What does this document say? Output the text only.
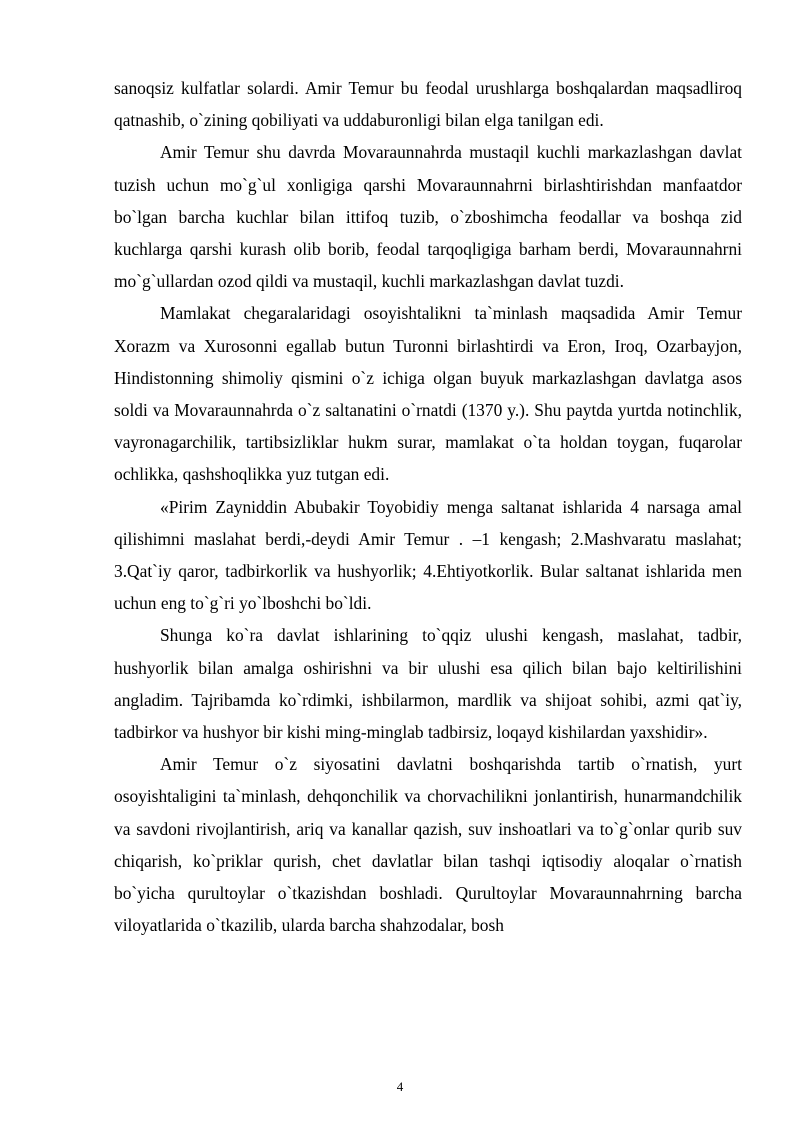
sanoqsiz kulfatlar solardi. Amir Temur bu feodal urushlarga boshqalardan maqsadliroq qatnashib, o`zining qobiliyati va uddaburonligi bilan elga tanilgan edi.

Amir Temur shu davrda Movaraunnahrda mustaqil kuchli markazlashgan davlat tuzish uchun mo`g`ul xonligiga qarshi Movaraunnahrni birlashtirishdan manfaatdor bo`lgan barcha kuchlar bilan ittifoq tuzib, o`zboshimcha feodallar va boshqa zid kuchlarga qarshi kurash olib borib, feodal tarqoqligiga barham berdi, Movaraunnahrni mo`g`ullardan ozod qildi va mustaqil, kuchli markazlashgan davlat tuzdi.

Mamlakat chegaralaridagi osoyishtalikni ta`minlash maqsadida Amir Temur Xorazm va Xurosonni egallab butun Turonni birlashtirdi va Eron, Iroq, Ozarbayjon, Hindistonning shimoliy qismini o`z ichiga olgan buyuk markazlashgan davlatga asos soldi va Movaraunnahrda o`z saltanatini o`rnatdi (1370 y.). Shu paytda yurtda notinchlik, vayronagarchilik, tartibsizliklar hukm surar, mamlakat o`ta holdan toygan, fuqarolar ochlikka, qashshoqlikka yuz tutgan edi.

«Pirim Zayniddin Abubakir Toyobidiy menga saltanat ishlarida 4 narsaga amal qilishimni maslahat berdi,-deydi Amir Temur . –1 kengash; 2.Mashvaratu maslahat; 3.Qat`iy qaror, tadbirkorlik va hushyorlik; 4.Ehtiyotkorlik. Bular saltanat ishlarida men uchun eng to`g`ri yo`lboshchi bo`ldi.

Shunga ko`ra davlat ishlarining to`qqiz ulushi kengash, maslahat, tadbir, hushyorlik bilan amalga oshirishni va bir ulushi esa qilich bilan bajo keltirilishini angladim. Tajribamda ko`rdimki, ishbilarmon, mardlik va shijoat sohibi, azmi qat`iy, tadbirkor va hushyor bir kishi ming-minglab tadbirsiz, loqayd kishilardan yaxshidir».

Amir Temur o`z siyosatini davlatni boshqarishda tartib o`rnatish, yurt osoyishtaligini ta`minlash, dehqonchilik va chorvachilikni jonlantirish, hunarmandchilik va savdoni rivojlantirish, ariq va kanallar qazish, suv inshoatlari va to`g`onlar qurib suv chiqarish, ko`priklar qurish, chet davlatlar bilan tashqi iqtisodiy aloqalar o`rnatish bo`yicha qurultoylar o`tkazishdan boshladi. Qurultoylar Movaraunnahrning barcha viloyatlarida o`tkazilib, ularda barcha shahzodalar, bosh

4
